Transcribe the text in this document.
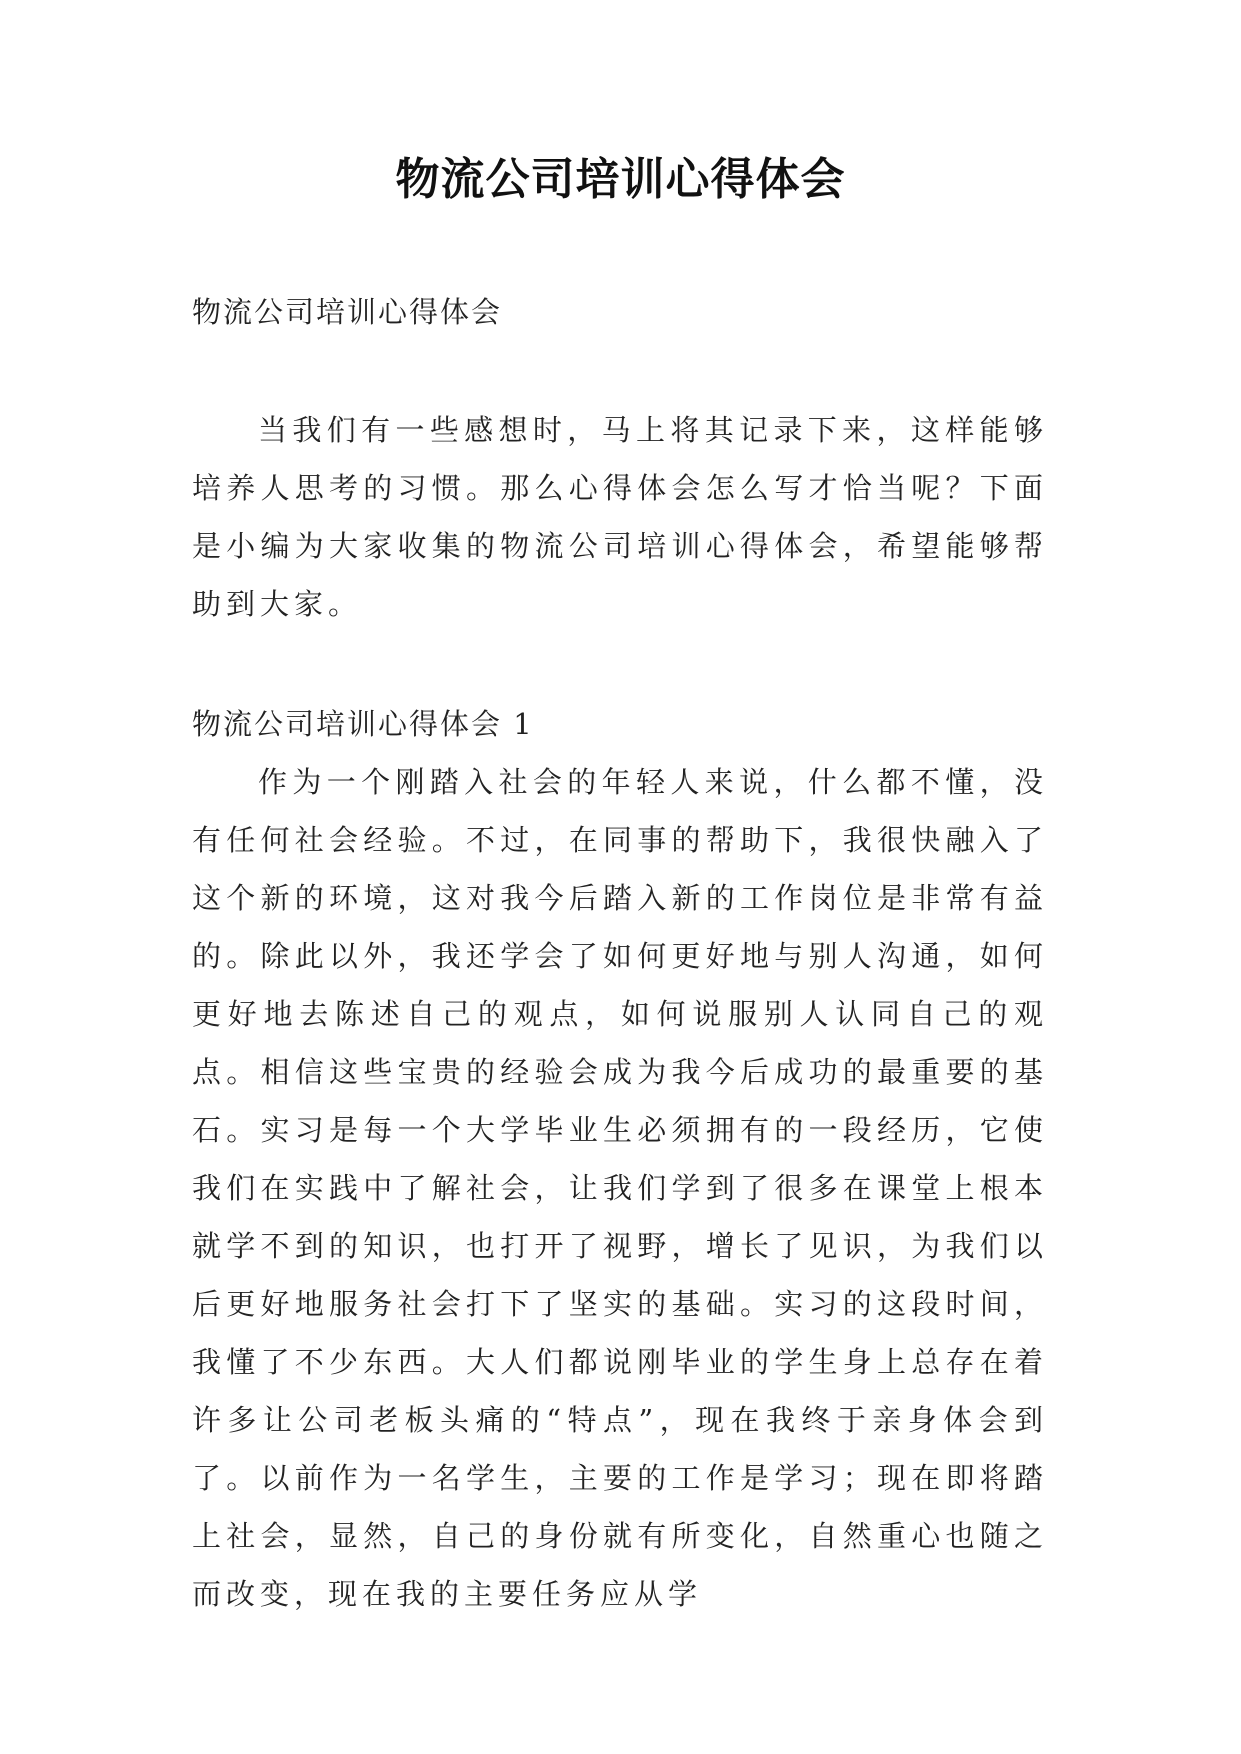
物流公司培训心得体会
物流公司培训心得体会

当我们有一些感想时，马上将其记录下来，这样能够培养人思考的习惯。那么心得体会怎么写才恰当呢？下面是小编为大家收集的物流公司培训心得体会，希望能够帮助到大家。

物流公司培训心得体会 1

作为一个刚踏入社会的年轻人来说，什么都不懂，没有任何社会经验。不过，在同事的帮助下，我很快融入了这个新的环境，这对我今后踏入新的工作岗位是非常有益的。除此以外，我还学会了如何更好地与别人沟通，如何更好地去陈述自己的观点，如何说服别人认同自己的观点。相信这些宝贵的经验会成为我今后成功的最重要的基石。实习是每一个大学毕业生必须拥有的一段经历，它使我们在实践中了解社会，让我们学到了很多在课堂上根本就学不到的知识，也打开了视野，增长了见识，为我们以后更好地服务社会打下了坚实的基础。实习的这段时间，我懂了不少东西。大人们都说刚毕业的学生身上总存在着许多让公司老板头痛的“特点”，现在我终于亲身体会到了。以前作为一名学生，主要的工作是学习；现在即将踏上社会，显然，自己的身份就有所变化，自然重心也随之而改变，现在我的主要任务应从学
